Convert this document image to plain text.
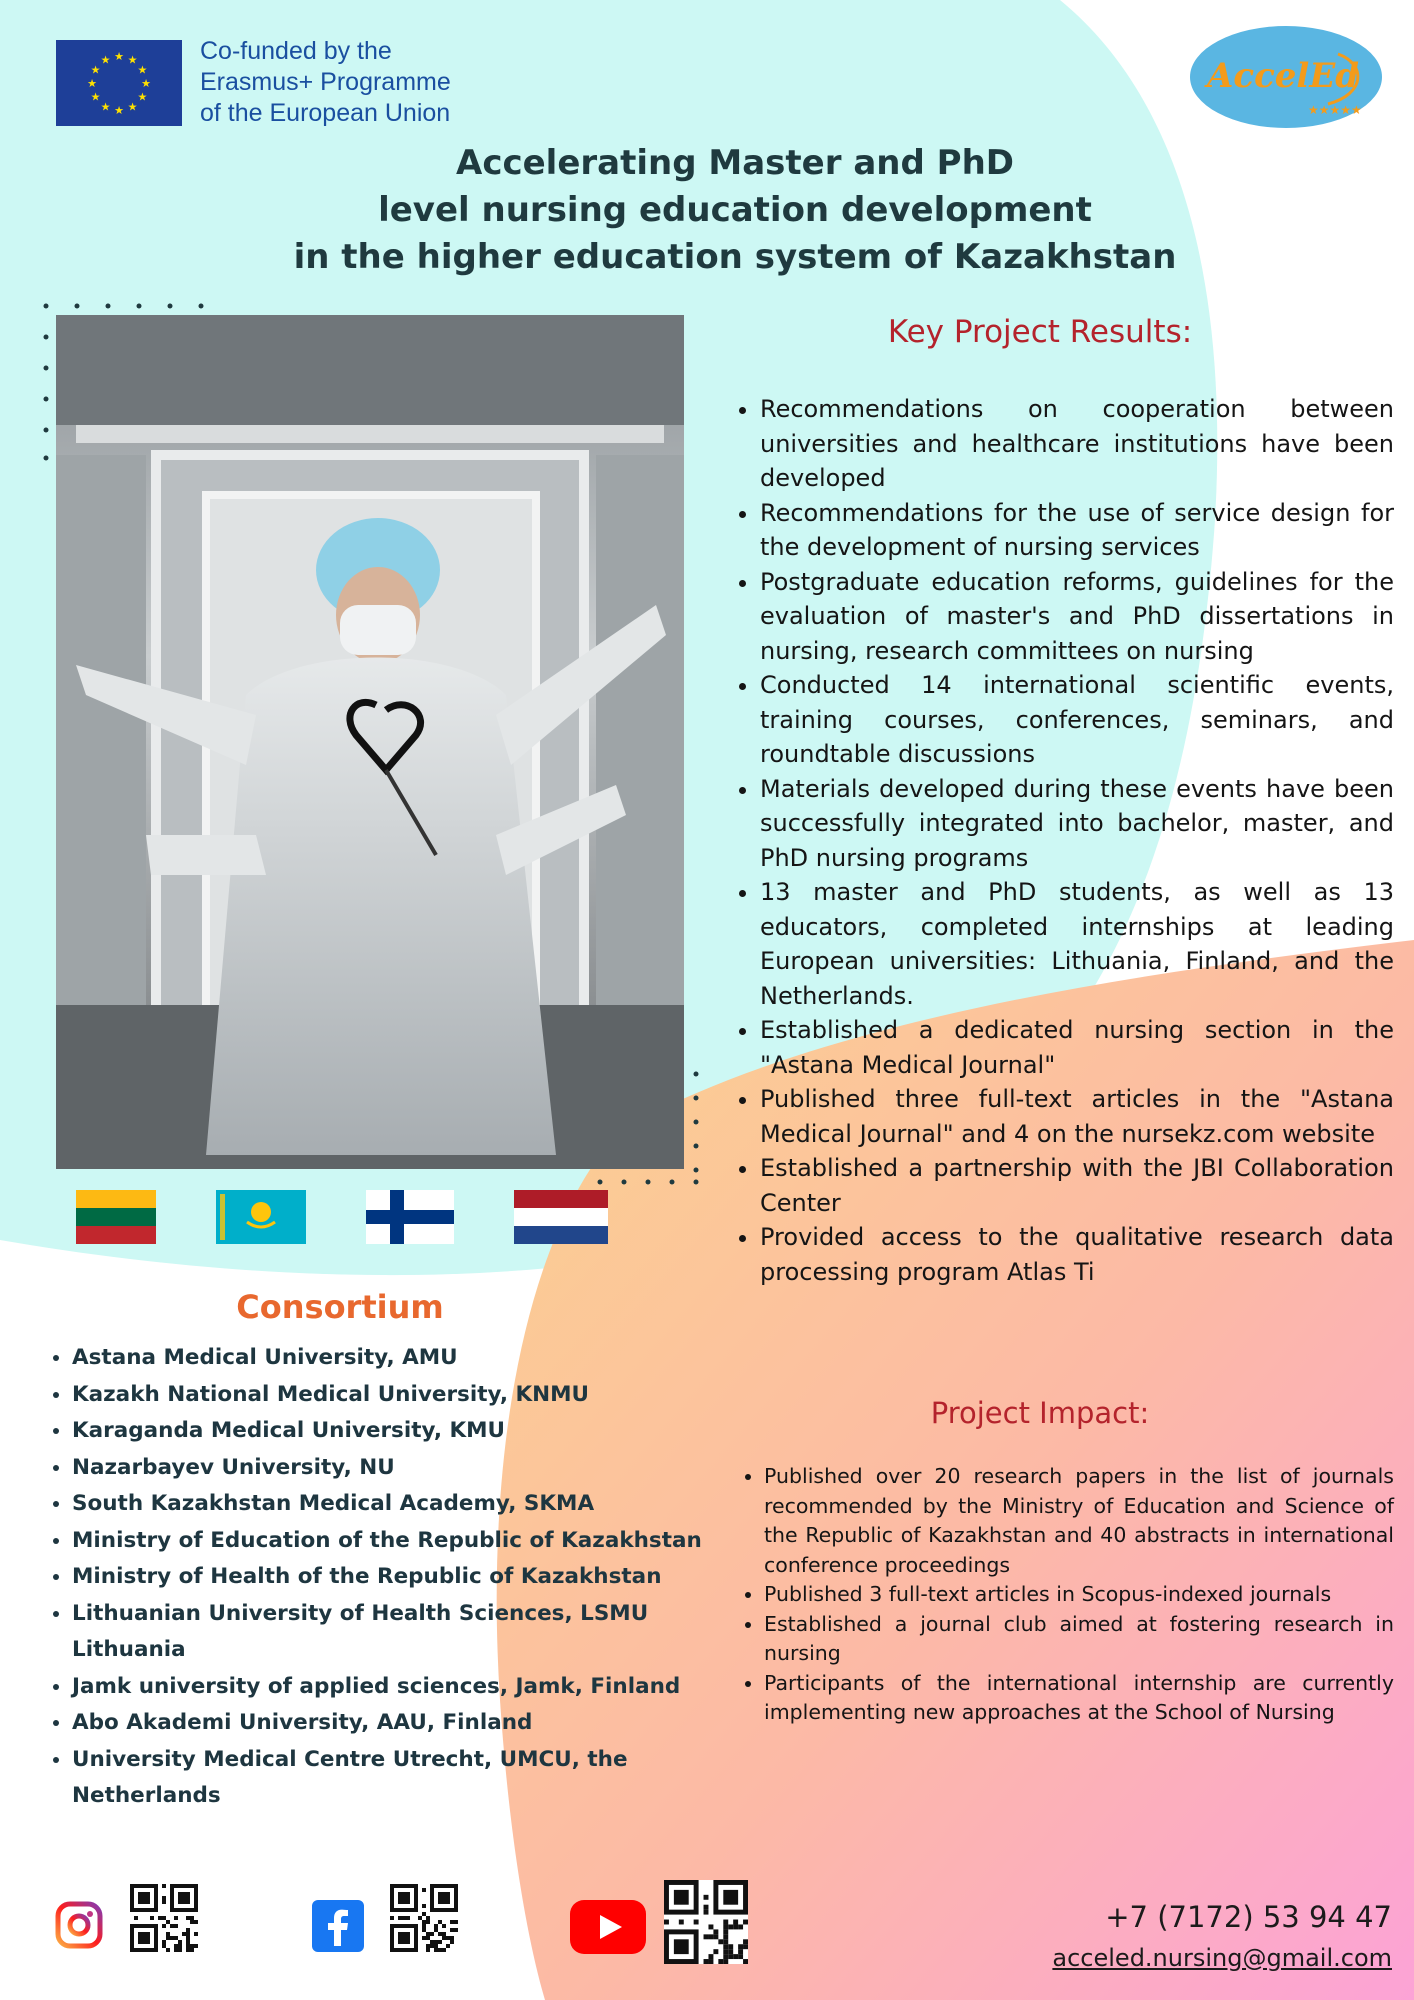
★ ★
★
★
★
★
★
★
★
★
★
★	Co-funded by the
Erasmus+ Programme
of the European Union
AccelEd
★★★★★
Accelerating Master and PhD
level nursing education development
in the higher education system of Kazakhstan
Key Project Results:
• Recommendations on cooperation between universities and healthcare institutions have been developed
• Recommendations for the use of service design for the development of nursing services
• Postgraduate education reforms, guidelines for the evaluation of master's and PhD dissertations in nursing, research committees on nursing
• Conducted 14 international scientific events, training courses, conferences, seminars, and roundtable discussions
• Materials developed during these events have been successfully integrated into bachelor, master, and PhD nursing programs
• 13 master and PhD students, as well as 13 educators, completed internships at leading European universities: Lithuania, Finland, and the Netherlands.
• Established a dedicated nursing section in the "Astana Medical Journal"
• Published three full-text articles in the "Astana Medical Journal" and 4 on the nursekz.com website
• Established a partnership with the JBI Collaboration Center
• Provided access to the qualitative research data processing program Atlas Ti
Project Impact:
• Published over 20 research papers in the list of journals recommended by the Ministry of Education and Science of the Republic of Kazakhstan and 40 abstracts in international conference proceedings
• Published 3 full-text articles in Scopus-indexed journals
• Established a journal club aimed at fostering research in nursing
• Participants of the international internship are currently implementing new approaches at the School of Nursing
Consortium
• Astana Medical University, AMU
• Kazakh National Medical University, KNMU
• Karaganda Medical University, KMU
• Nazarbayev University, NU
• South Kazakhstan Medical Academy, SKMA
• Ministry of Education of the Republic of Kazakhstan
• Ministry of Health of the Republic of Kazakhstan
• Lithuanian University of Health Sciences, LSMU Lithuania
• Jamk university of applied sciences, Jamk, Finland
• Abo Akademi University, AAU, Finland
• University Medical Centre Utrecht, UMCU, the Netherlands
+7 (7172) 53 94 47
acceled.nursing@gmail.com
